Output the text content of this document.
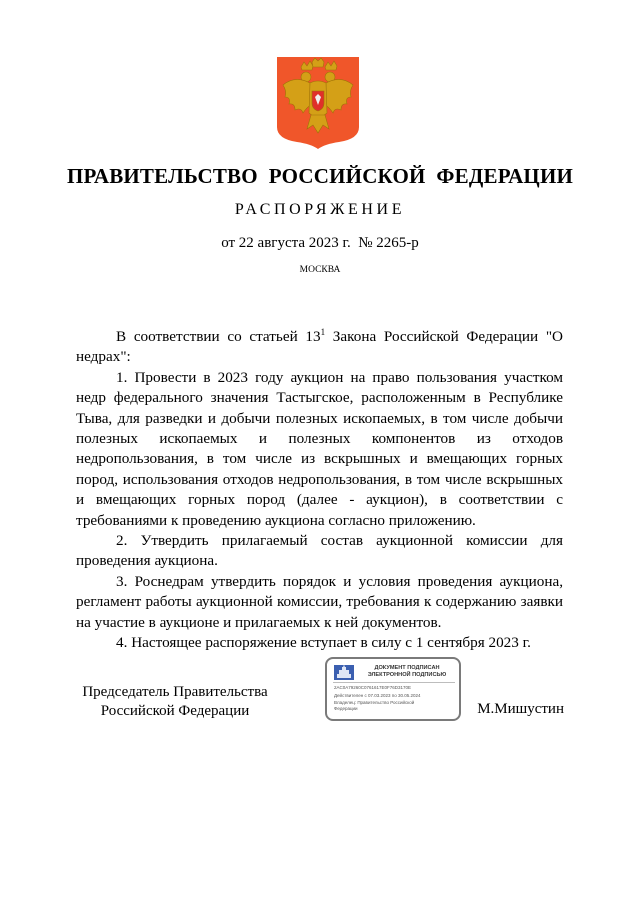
ПРАВИТЕЛЬСТВО  РОССИЙСКОЙ  ФЕДЕРАЦИИ
РАСПОРЯЖЕНИЕ
от 22 августа 2023 г.  № 2265-р
МОСКВА

В соответствии со статьей $13^1$ Закона Российской Федерации "О недрах":

1. Провести в 2023 году аукцион на право пользования участком недр федерального значения Тастыгское, расположенным в Республике Тыва, для разведки и добычи полезных ископаемых, в том числе добычи полезных ископаемых и полезных компонентов из отходов недропользования, в том числе из вскрышных и вмещающих горных пород, использования отходов недропользования, в том числе вскрышных и вмещающих горных пород (далее - аукцион), в соответствии с требованиями к проведению аукциона согласно приложению.

2. Утвердить прилагаемый состав аукционной комиссии для проведения аукциона.

3. Роснедрам утвердить порядок и условия проведения аукциона, регламент работы аукционной комиссии, требования к содержанию заявки на участие в аукционе и прилагаемых к ней документов.

4. Настоящее распоряжение вступает в силу с 1 сентября 2023 г.

Председатель Правительства
Российской Федерации
ДОКУМЕНТ ПОДПИСАН
ЭЛЕКТРОННОЙ ПОДПИСЬЮ
2AC0A79260C0761617E0F76D3170E
Действителен с 07.03.2023 по 30.05.2024
Владелец: Правительство Российской
Федерации	М.Мишустин
